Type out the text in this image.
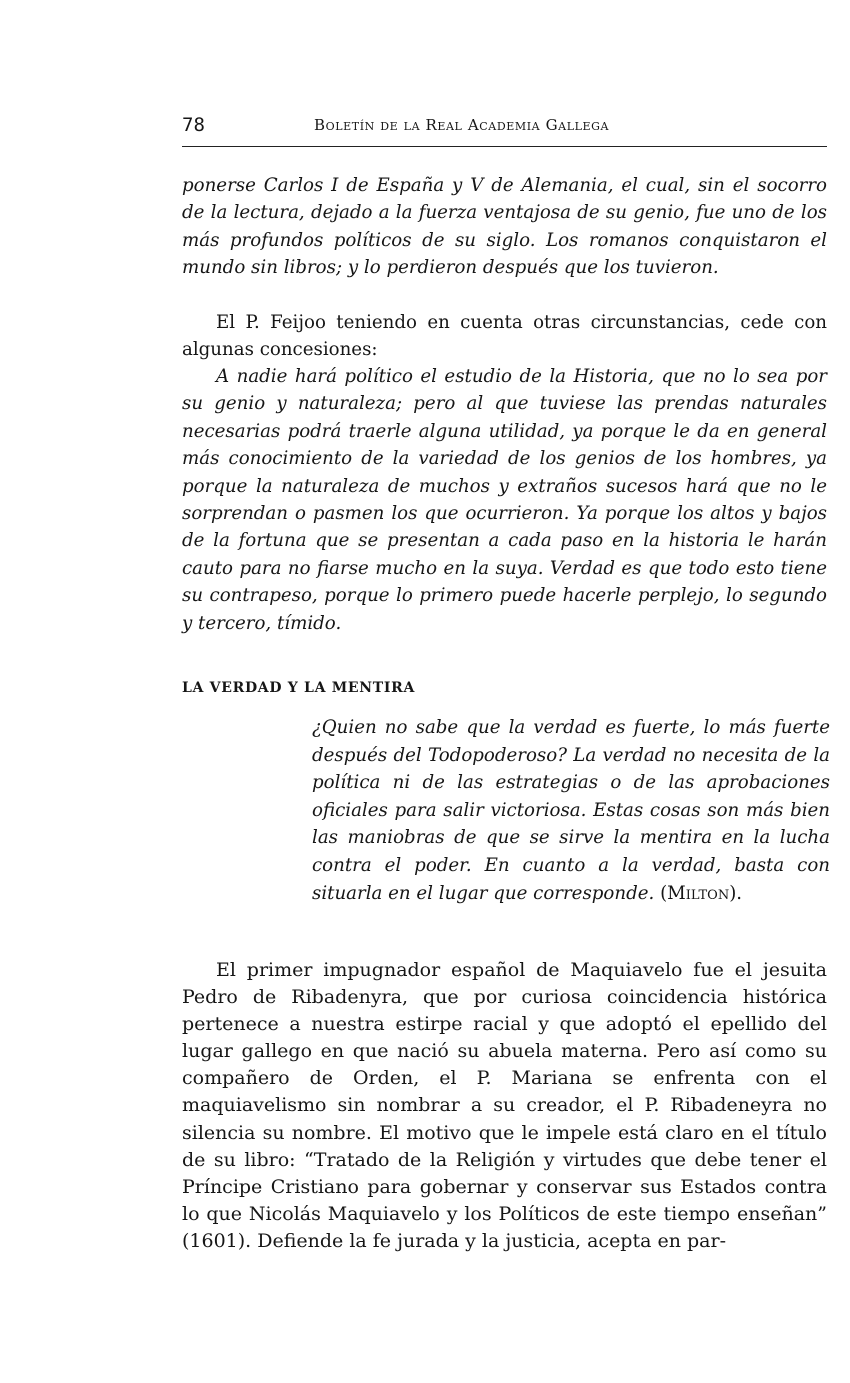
78	Boletín de la Real Academia Gallega

ponerse Carlos I de España y V de Alemania, el cual, sin el socorro de la lectura, dejado a la fuerza ventajosa de su genio, fue uno de los más profundos políticos de su siglo. Los romanos conquistaron el mundo sin libros; y lo perdieron después que los tuvieron.

El P. Feijoo teniendo en cuenta otras circunstancias, cede con algunas concesiones:

A nadie hará político el estudio de la Historia, que no lo sea por su genio y naturaleza; pero al que tuviese las prendas naturales necesarias podrá traerle alguna utilidad, ya porque le da en general más conocimiento de la variedad de los genios de los hombres, ya porque la naturaleza de muchos y extraños sucesos hará que no le sorprendan o pasmen los que ocurrieron. Ya porque los altos y bajos de la fortuna que se presentan a cada paso en la historia le harán cauto para no fiarse mucho en la suya. Verdad es que todo esto tiene su contrapeso, porque lo primero puede hacerle perplejo, lo segundo y tercero, tímido.

LA VERDAD Y LA MENTIRA
¿Quien no sabe que la verdad es fuerte, lo más fuerte después del Todopoderoso? La verdad no necesita de la política ni de las estrategias o de las aprobaciones oficiales para salir victoriosa. Estas cosas son más bien las maniobras de que se sirve la mentira en la lucha contra el poder. En cuanto a la verdad, basta con situarla en el lugar que corresponde. (Milton).

El primer impugnador español de Maquiavelo fue el jesuita Pedro de Ribadenyra, que por curiosa coincidencia histórica pertenece a nuestra estirpe racial y que adoptó el epellido del lugar gallego en que nació su abuela materna. Pero así como su compañero de Orden, el P. Mariana se enfrenta con el maquiavelismo sin nombrar a su creador, el P. Ribadeneyra no silencia su nombre. El motivo que le impele está claro en el título de su libro: “Tratado de la Religión y virtudes que debe tener el Príncipe Cristiano para gobernar y conservar sus Estados contra lo que Nicolás Maquiavelo y los Políticos de este tiempo enseñan” (1601). Defiende la fe jurada y la justicia, acepta en par-
